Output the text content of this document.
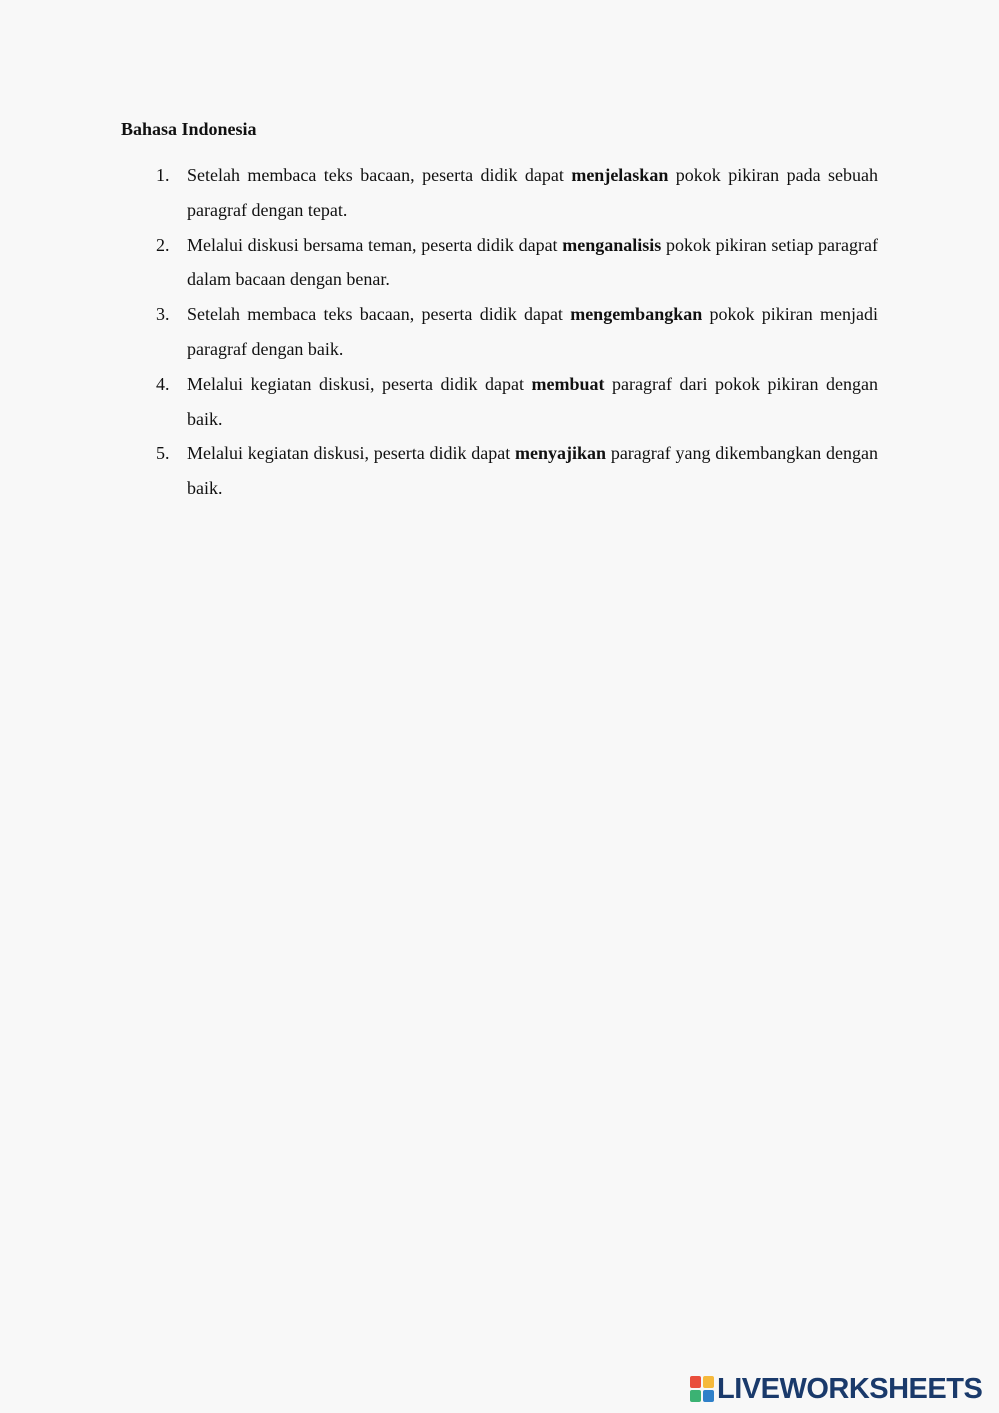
Bahasa Indonesia
1. Setelah membaca teks bacaan, peserta didik dapat menjelaskan pokok pikiran pada sebuah paragraf dengan tepat.
2. Melalui diskusi bersama teman, peserta didik dapat menganalisis pokok pikiran setiap paragraf dalam bacaan dengan benar.
3. Setelah membaca teks bacaan, peserta didik dapat mengembangkan pokok pikiran menjadi paragraf dengan baik.
4. Melalui kegiatan diskusi, peserta didik dapat membuat paragraf dari pokok pikiran dengan baik.
5. Melalui kegiatan diskusi, peserta didik dapat menyajikan paragraf yang dikembangkan dengan baik.
LIVEWORKSHEETS
